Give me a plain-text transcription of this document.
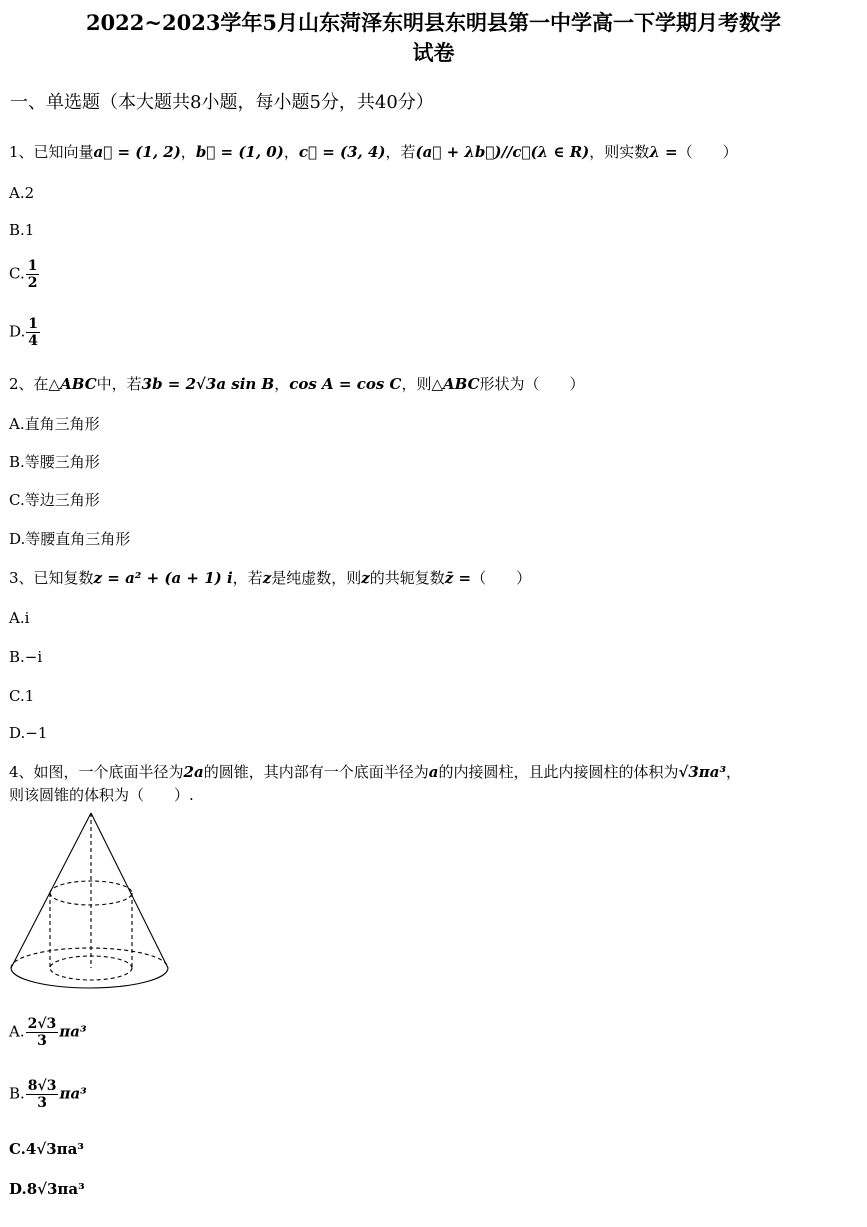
2022~2023学年5月山东菏泽东明县东明县第一中学高一下学期月考数学
试卷
一、单选题（本大题共8小题，每小题5分，共40分）
1、已知向量a⃗ = (1, 2)，b⃗ = (1, 0)，c⃗ = (3, 4)，若(a⃗ + λb⃗)//c⃗(λ ∈ R)，则实数λ =（　　）
A.2
B.1
C. $\frac{1}{2}$
D. $\frac{1}{4}$
2、在△ABC中，若3b = 2√3a sin B，cos A = cos C，则△ABC形状为（　　）
A.直角三角形
B.等腰三角形
C.等边三角形
D.等腰直角三角形
3、已知复数z = a² + (a + 1) i，若z是纯虚数，则z的共轭复数z̄ =（　　）
A.i
B.−i
C.1
D.−1
4、如图，一个底面半径为2a的圆锥，其内部有一个底面半径为a的内接圆柱，且此内接圆柱的体积为√3πa³，
则该圆锥的体积为（　　）.
A. $\frac{2√3}{3} \pi a^3$
B. $\frac{8√3}{3} \pi a^3$
C.4√3πa³
D.8√3πa³
